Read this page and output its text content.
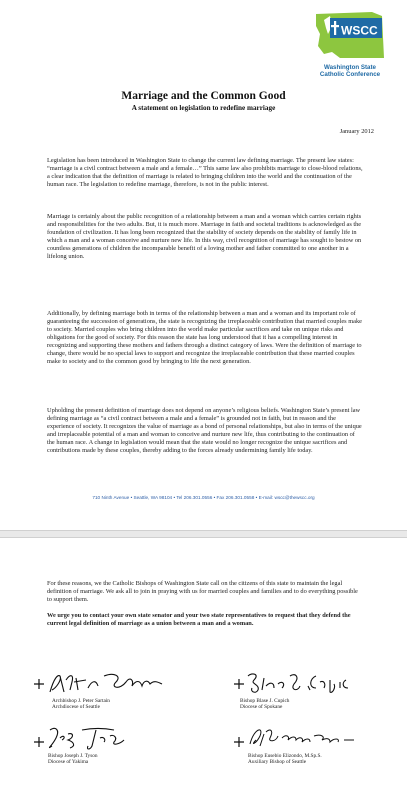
WSCC
Washington State
Catholic Conference
Marriage and the Common Good
A statement on legislation to redefine marriage
January 2012

Legislation has been introduced in Washington State to change the current law defining marriage. The present law states: “marriage is a civil contract between a male and a female…” This same law also prohibits marriage to close-blood relations, a clear indication that the definition of marriage is related to bringing children into the world and the continuation of the human race. The legislation to redefine marriage, therefore, is not in the public interest.

Marriage is certainly about the public recognition of a relationship between a man and a woman which carries certain rights and responsibilities for the two adults. But, it is much more. Marriage in faith and societal traditions is acknowledged as the foundation of civilization. It has long been recognized that the stability of society depends on the stability of family life in which a man and a woman conceive and nurture new life. In this way, civil recognition of marriage has sought to bestow on countless generations of children the incomparable benefit of a loving mother and father committed to one another in a lifelong union.

Additionally, by defining marriage both in terms of the relationship between a man and a woman and its important role of guaranteeing the succession of generations, the state is recognizing the irreplaceable contribution that married couples make to society. Married couples who bring children into the world make particular sacrifices and take on unique risks and obligations for the good of society. For this reason the state has long understood that it has a compelling interest in recognizing and supporting these mothers and fathers through a distinct category of laws. Were the definition of marriage to change, there would be no special laws to support and recognize the irreplaceable contribution that these married couples make to society and to the common good by bringing to life the next generation.

Upholding the present definition of marriage does not depend on anyone’s religious beliefs. Washington State’s present law defining marriage as “a civil contract between a male and a female” is grounded not in faith, but in reason and the experience of society. It recognizes the value of marriage as a bond of personal relationships, but also in terms of the unique and irreplaceable potential of a man and woman to conceive and nurture new life, thus contributing to the continuation of the human race. A change in legislation would mean that the state would no longer recognize the unique sacrifices and contributions made by these couples, thereby adding to the forces already undermining family life today.

710 Ninth Avenue • Seattle, WA 98104 • Tel 206.301.0556 • Fax 206.301.0558 • E-mail: wscc@thewscc.org

For these reasons, we the Catholic Bishops of Washington State call on the citizens of this state to maintain the legal definition of marriage. We ask all to join in praying with us for married couples and families and to do everything possible to support them.

We urge you to contact your own state senator and your two state representatives to request that they defend the current legal definition of marriage as a union between a man and a woman.

Archbishop J. Peter Sartain
Archdiocese of Seattle
Bishop Blase J. Cupich
Diocese of Spokane
Bishop Joseph J. Tyson
Diocese of Yakima
Bishop Eusebio Elizondo, M.Sp.S.
Auxiliary Bishop of Seattle
